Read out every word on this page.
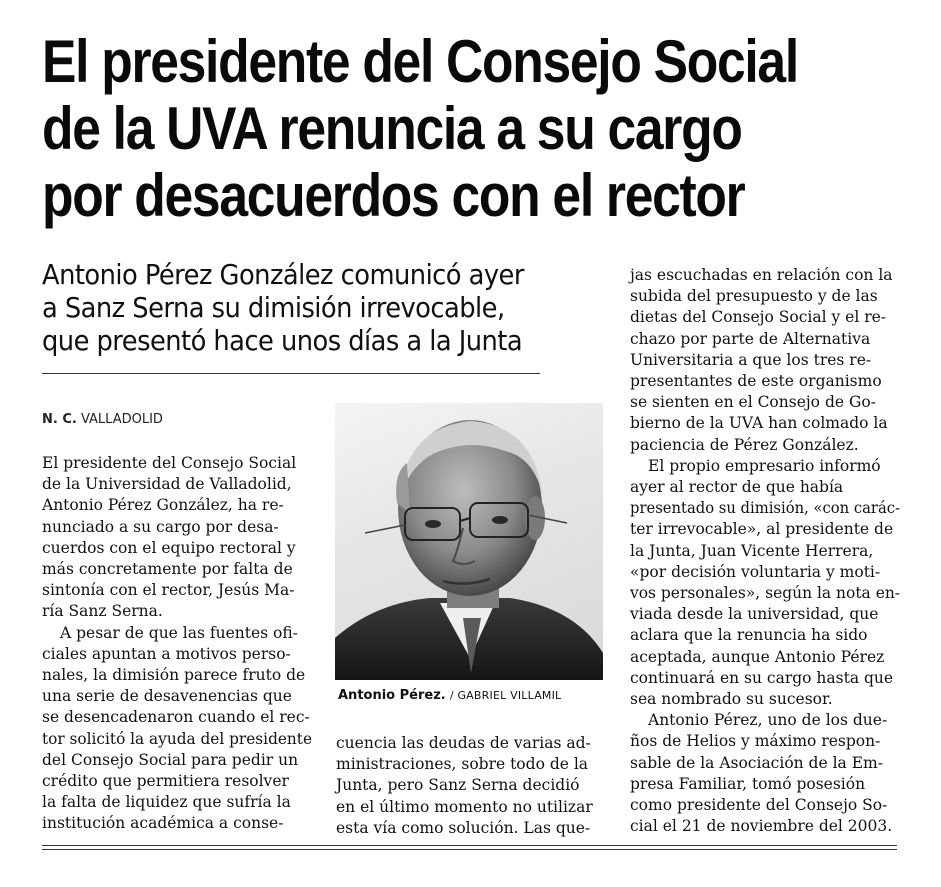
El presidente del Consejo Social
de la UVA renuncia a su cargo
por desacuerdos con el rector
Antonio Pérez González comunicó ayer
a Sanz Serna su dimisión irrevocable,
que presentó hace unos días a la Junta
N. C. VALLADOLID
El presidente del Consejo Social
de la Universidad de Valladolid,
Antonio Pérez González, ha re-
nunciado a su cargo por desa-
cuerdos con el equipo rectoral y
más concretamente por falta de
sintonía con el rector, Jesús Ma-
ría Sanz Serna.
A pesar de que las fuentes ofi-
ciales apuntan a motivos perso-
nales, la dimisión parece fruto de
una serie de desavenencias que
se desencadenaron cuando el rec-
tor solicitó la ayuda del presidente
del Consejo Social para pedir un
crédito que permitiera resolver
la falta de liquidez que sufría la
institución académica a conse-
Antonio Pérez. / GABRIEL VILLAMIL
cuencia las deudas de varias ad-
ministraciones, sobre todo de la
Junta, pero Sanz Serna decidió
en el último momento no utilizar
esta vía como solución. Las que-
jas escuchadas en relación con la
subida del presupuesto y de las
dietas del Consejo Social y el re-
chazo por parte de Alternativa
Universitaria a que los tres re-
presentantes de este organismo
se sienten en el Consejo de Go-
bierno de la UVA han colmado la
paciencia de Pérez González.
El propio empresario informó
ayer al rector de que había
presentado su dimisión, «con carác-
ter irrevocable», al presidente de
la Junta, Juan Vicente Herrera,
«por decisión voluntaria y moti-
vos personales», según la nota en-
viada desde la universidad, que
aclara que la renuncia ha sido
aceptada, aunque Antonio Pérez
continuará en su cargo hasta que
sea nombrado su sucesor.
Antonio Pérez, uno de los due-
ños de Helios y máximo respon-
sable de la Asociación de la Em-
presa Familiar, tomó posesión
como presidente del Consejo So-
cial el 21 de noviembre del 2003.
